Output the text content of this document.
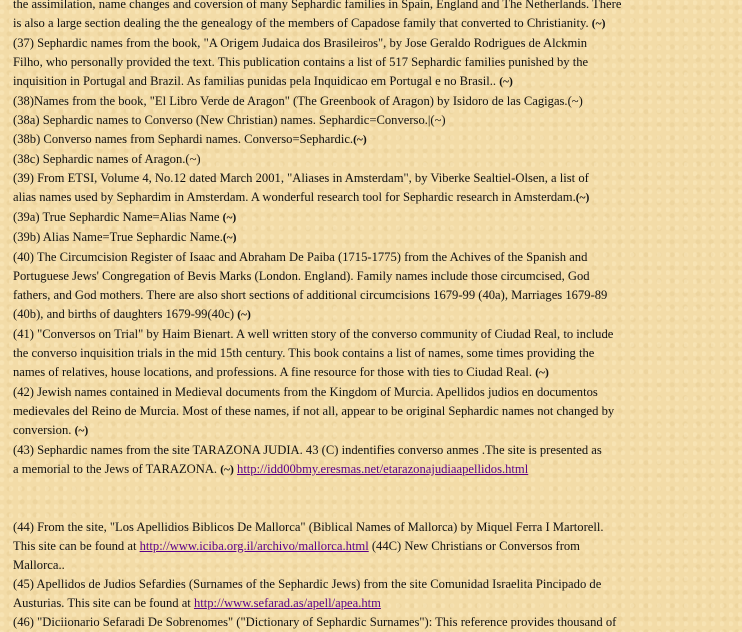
the assimilation, name changes and coversion of many Sephardic families in Spain, England and The Netherlands. There
is also a large section dealing the the genealogy of the members of Capadose family that converted to Christianity. (~)
(37) Sephardic names from the book, "A Origem Judaica dos Brasileiros", by Jose Geraldo Rodrigues de Alckmin
Filho, who personally provided the text. This publication contains a list of 517 Sephardic families punished by the
inquisition in Portugal and Brazil. As familias punidas pela Inquidicao em Portugal e no Brasil.. (~)
(38)Names from the book, "El Libro Verde de Aragon" (The Greenbook of Aragon) by Isidoro de las Cagigas.(~)
(38a) Sephardic names to Converso (New Christian) names. Sephardic=Converso.|(~)
(38b) Converso names from Sephardi names. Converso=Sephardic.(~)
(38c) Sephardic names of Aragon.(~)
(39) From ETSI, Volume 4, No.12 dated March 2001, "Aliases in Amsterdam", by Viberke Sealtiel-Olsen, a list of
alias names used by Sephardim in Amsterdam. A wonderful research tool for Sephardic research in Amsterdam.(~)
(39a) True Sephardic Name=Alias Name (~)
(39b) Alias Name=True Sephardic Name.(~)
(40) The Circumcision Register of Isaac and Abraham De Paiba (1715-1775) from the Achives of the Spanish and
Portuguese Jews' Congregation of Bevis Marks (London. England). Family names include those circumcised, God
fathers, and God mothers. There are also short sections of additional circumcisions 1679-99 (40a), Marriages 1679-89
(40b), and births of daughters 1679-99(40c) (~)
(41) "Conversos on Trial" by Haim Bienart. A well written story of the converso community of Ciudad Real, to include
the converso inquisition trials in the mid 15th century. This book contains a list of names, some times providing the
names of relatives, house locations, and professions. A fine resource for those with ties to Ciudad Real. (~)
(42) Jewish names contained in Medieval documents from the Kingdom of Murcia. Apellidos judios en documentos
medievales del Reino de Murcia. Most of these names, if not all, appear to be original Sephardic names not changed by
conversion. (~)
(43) Sephardic names from the site TARAZONA JUDIA. 43 (C) indentifies converso anmes .The site is presented as
a memorial to the Jews of TARAZONA. (~) http://idd00bmy.eresmas.net/etarazonajudiaapellidos.html
(44) From the site, "Los Apellidios Biblicos De Mallorca" (Biblical Names of Mallorca) by Miquel Ferra I Martorell.
This site can be found at http://www.iciba.org.il/archivo/mallorca.html (44C) New Christians or Conversos from
Mallorca..
(45) Apellidos de Judios Sefardies (Surnames of the Sephardic Jews) from the site Comunidad Israelita Pincipado de
Austurias. This site can be found at http://www.sefarad.as/apell/apea.htm
(46) "Diciionario Sefaradi De Sobrenomes" ("Dictionary of Sephardic Surnames"): This reference provides thousand of
